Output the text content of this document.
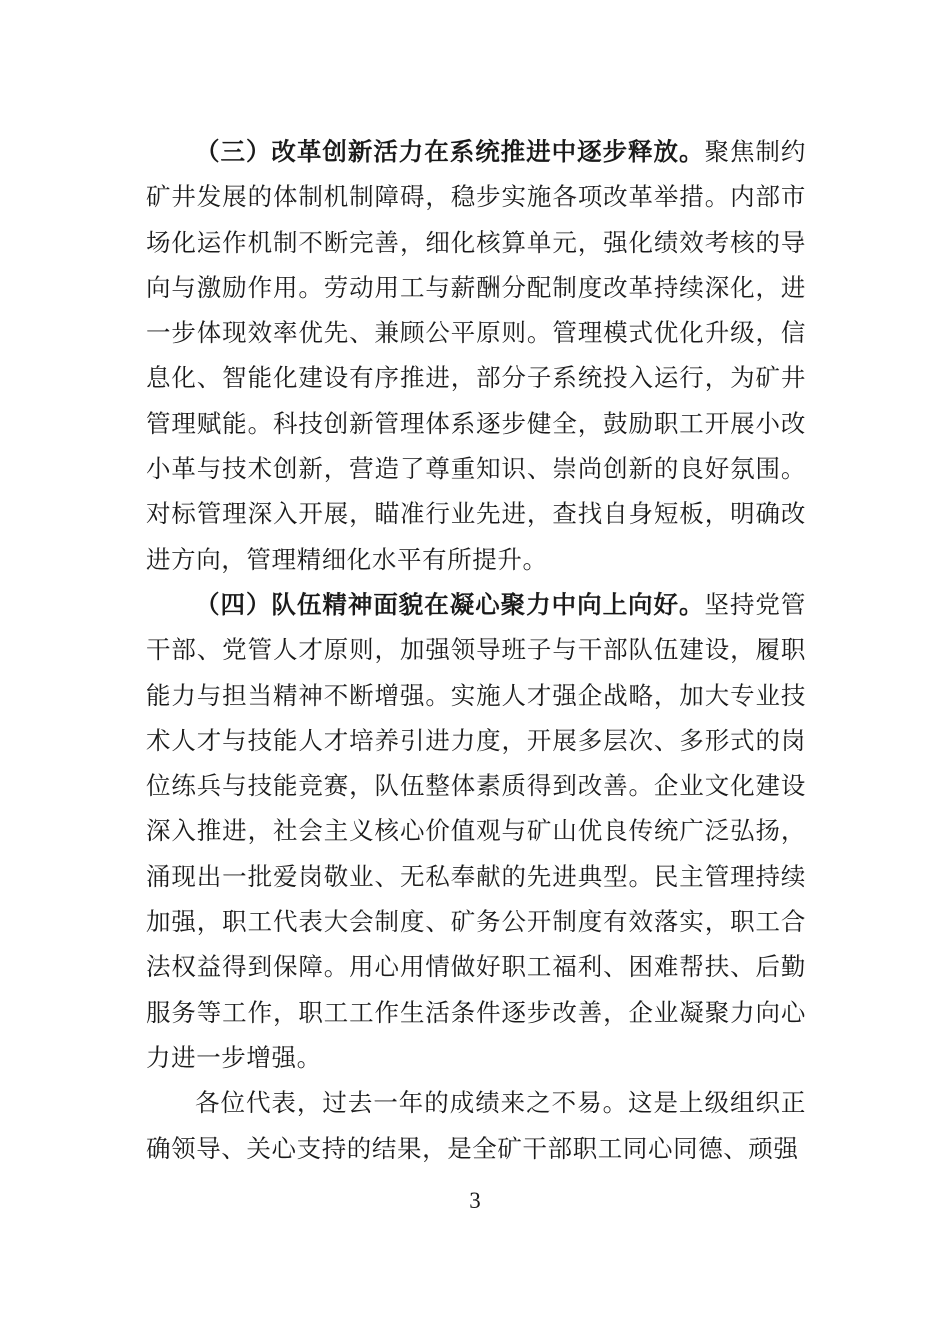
（三）改革创新活力在系统推进中逐步释放。聚焦制约矿井发展的体制机制障碍，稳步实施各项改革举措。内部市场化运作机制不断完善，细化核算单元，强化绩效考核的导向与激励作用。劳动用工与薪酬分配制度改革持续深化，进一步体现效率优先、兼顾公平原则。管理模式优化升级，信息化、智能化建设有序推进，部分子系统投入运行，为矿井管理赋能。科技创新管理体系逐步健全，鼓励职工开展小改小革与技术创新，营造了尊重知识、崇尚创新的良好氛围。对标管理深入开展，瞄准行业先进，查找自身短板，明确改进方向，管理精细化水平有所提升。

（四）队伍精神面貌在凝心聚力中向上向好。坚持党管干部、党管人才原则，加强领导班子与干部队伍建设，履职能力与担当精神不断增强。实施人才强企战略，加大专业技术人才与技能人才培养引进力度，开展多层次、多形式的岗位练兵与技能竞赛，队伍整体素质得到改善。企业文化建设深入推进，社会主义核心价值观与矿山优良传统广泛弘扬，涌现出一批爱岗敬业、无私奉献的先进典型。民主管理持续加强，职工代表大会制度、矿务公开制度有效落实，职工合法权益得到保障。用心用情做好职工福利、困难帮扶、后勤服务等工作，职工工作生活条件逐步改善，企业凝聚力向心力进一步增强。

各位代表，过去一年的成绩来之不易。这是上级组织正确领导、关心支持的结果，是全矿干部职工同心同德、顽强

3
